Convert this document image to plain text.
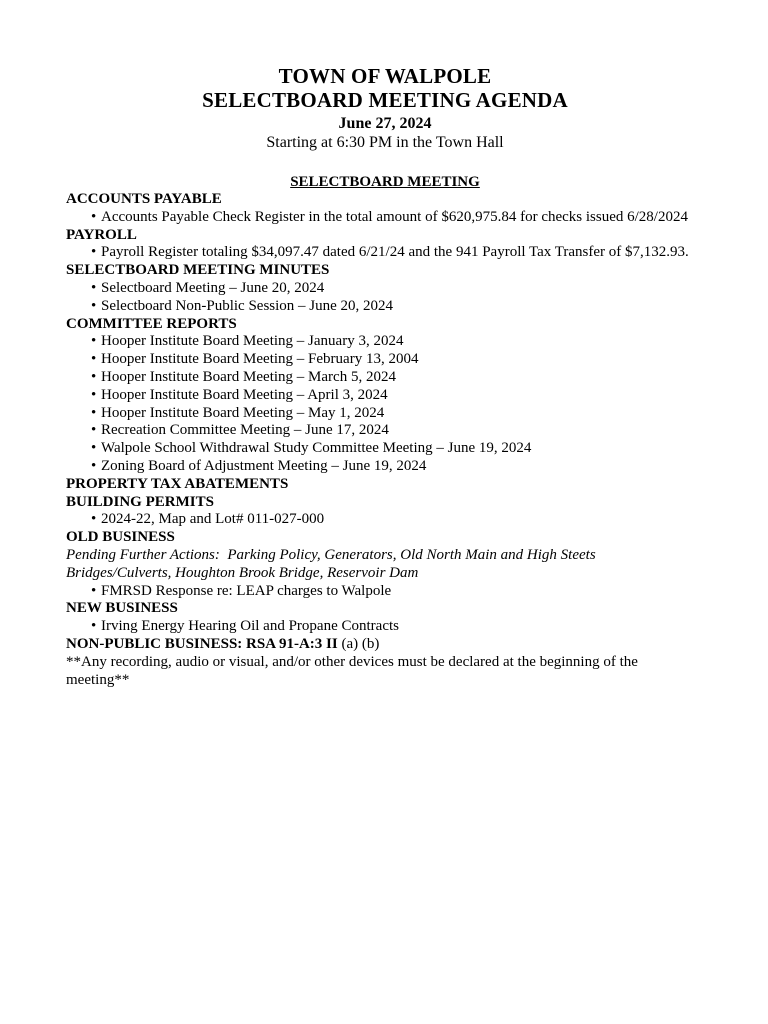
TOWN OF WALPOLE
SELECTBOARD MEETING AGENDA
June 27, 2024
Starting at 6:30 PM in the Town Hall
SELECTBOARD MEETING
ACCOUNTS PAYABLE
• Accounts Payable Check Register in the total amount of $620,975.84 for checks issued 6/28/2024
PAYROLL
• Payroll Register totaling $34,097.47 dated 6/21/24 and the 941 Payroll Tax Transfer of $7,132.93.
SELECTBOARD MEETING MINUTES
• Selectboard Meeting – June 20, 2024
• Selectboard Non-Public Session – June 20, 2024
COMMITTEE REPORTS
• Hooper Institute Board Meeting – January 3, 2024
• Hooper Institute Board Meeting – February 13, 2004
• Hooper Institute Board Meeting – March 5, 2024
• Hooper Institute Board Meeting – April 3, 2024
• Hooper Institute Board Meeting – May 1, 2024
• Recreation Committee Meeting – June 17, 2024
• Walpole School Withdrawal Study Committee Meeting – June 19, 2024
• Zoning Board of Adjustment Meeting – June 19, 2024
PROPERTY TAX ABATEMENTS
BUILDING PERMITS
• 2024-22, Map and Lot# 011-027-000
OLD BUSINESS
Pending Further Actions:  Parking Policy, Generators, Old North Main and High Steets Bridges/Culverts, Houghton Brook Bridge, Reservoir Dam
• FMRSD Response re: LEAP charges to Walpole
NEW BUSINESS
• Irving Energy Hearing Oil and Propane Contracts
NON-PUBLIC BUSINESS: RSA 91-A:3 II (a) (b)
**Any recording, audio or visual, and/or other devices must be declared at the beginning of the meeting**
